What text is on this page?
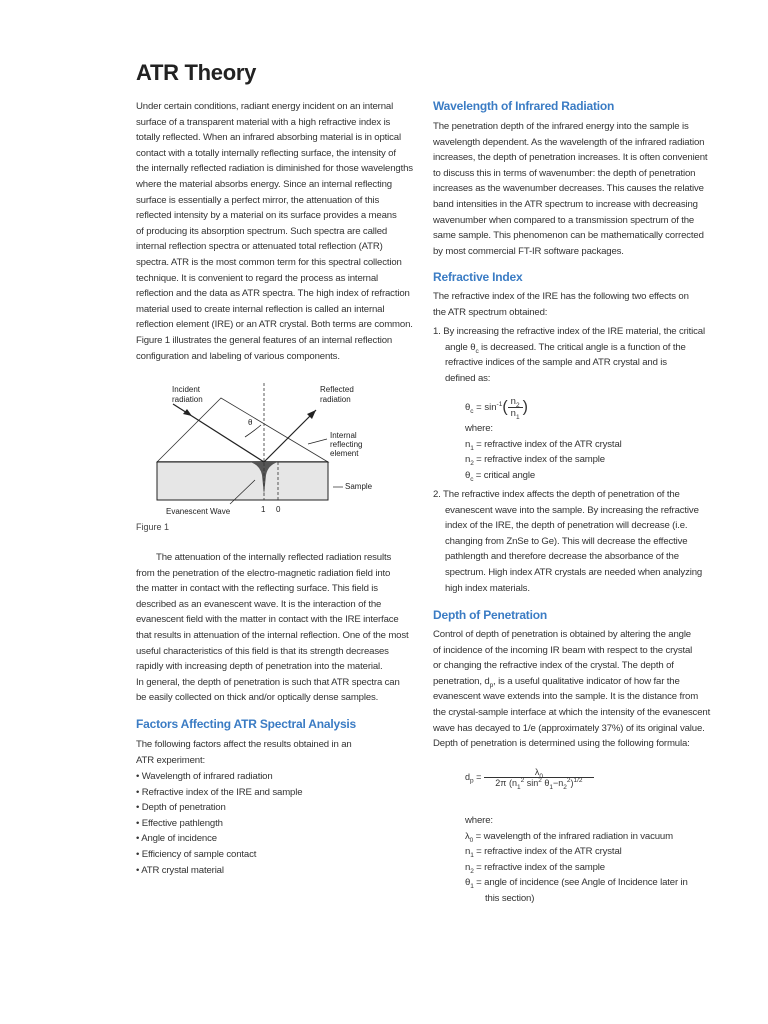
ATR Theory
Under certain conditions, radiant energy incident on an internal
surface of a transparent material with a high refractive index is
totally reflected. When an infrared absorbing material is in optical
contact with a totally internally reflecting surface, the intensity of
the internally reflected radiation is diminished for those wavelengths
where the material absorbs energy. Since an internal reflecting
surface is essentially a perfect mirror, the attenuation of this
reflected intensity by a material on its surface provides a means
of producing its absorption spectrum. Such spectra are called
internal reflection spectra or attenuated total reflection (ATR)
spectra. ATR is the most common term for this spectral collection
technique. It is convenient to regard the process as internal
reflection and the data as ATR spectra. The high index of refraction
material used to create internal reflection is called an internal
reflection element (IRE) or an ATR crystal. Both terms are common.
Figure 1 illustrates the general features of an internal reflection
configuration and labeling of various components.
Incident
radiation
Reflected
radiation
θ
Internal
reflecting
element
Sample
Evanescent Wave	1 0
Figure 1
The attenuation of the internally reflected radiation results
from the penetration of the electro-magnetic radiation field into
the matter in contact with the reflecting surface. This field is
described as an evanescent wave. It is the interaction of the
evanescent field with the matter in contact with the IRE interface
that results in attenuation of the internal reflection. One of the most
useful characteristics of this field is that its strength decreases
rapidly with increasing depth of penetration into the material.
In general, the depth of penetration is such that ATR spectra can
be easily collected on thick and/or optically dense samples.
Factors Affecting ATR Spectral Analysis
The following factors affect the results obtained in an
ATR experiment:
• Wavelength of infrared radiation
• Refractive index of the IRE and sample
• Depth of penetration
• Effective pathlength
• Angle of incidence
• Efficiency of sample contact
• ATR crystal material
Wavelength of Infrared Radiation
The penetration depth of the infrared energy into the sample is
wavelength dependent. As the wavelength of the infrared radiation
increases, the depth of penetration increases. It is often convenient
to discuss this in terms of wavenumber: the depth of penetration
increases as the wavenumber decreases. This causes the relative
band intensities in the ATR spectrum to increase with decreasing
wavenumber when compared to a transmission spectrum of the
same sample. This phenomenon can be mathematically corrected
by most commercial FT-IR software packages.
Refractive Index
The refractive index of the IRE has the following two effects on
the ATR spectrum obtained:
1. By increasing the refractive index of the IRE material, the critical
angle $\theta_c$ is decreased. The critical angle is a function of the
refractive indices of the sample and ATR crystal and is
defined as:
$\theta_c = \sin^{-1}( \frac{n_2}{n_1}$ )
where:
$n_1$ = refractive index of the ATR crystal
$n_2$ = refractive index of the sample
$\theta_c$ = critical angle
2. The refractive index affects the depth of penetration of the
evanescent wave into the sample. By increasing the refractive
index of the IRE, the depth of penetration will decrease (i.e.
changing from ZnSe to Ge). This will decrease the effective
pathlength and therefore decrease the absorbance of the
spectrum. High index ATR crystals are needed when analyzing
high index materials.
Depth of Penetration
Control of depth of penetration is obtained by altering the angle
of incidence of the incoming IR beam with respect to the crystal
or changing the refractive index of the crystal. The depth of
penetration, $d_p$, is a useful qualitative indicator of how far the
evanescent wave extends into the sample. It is the distance from
the crystal-sample interface at which the intensity of the evanescent
wave has decayed to 1/e (approximately 37%) of its original value.
Depth of penetration is determined using the following formula:
$d_p = \frac{\lambda_0}{2\pi (n_1^2 \sin^2 \theta_1-n_2^2)^{1/2}}$
where:
$\lambda_0$ = wavelength of the infrared radiation in vacuum
$n_1$ = refractive index of the ATR crystal
$n_2$ = refractive index of the sample
$\theta_1$ = angle of incidence (see Angle of Incidence later in
this section)
